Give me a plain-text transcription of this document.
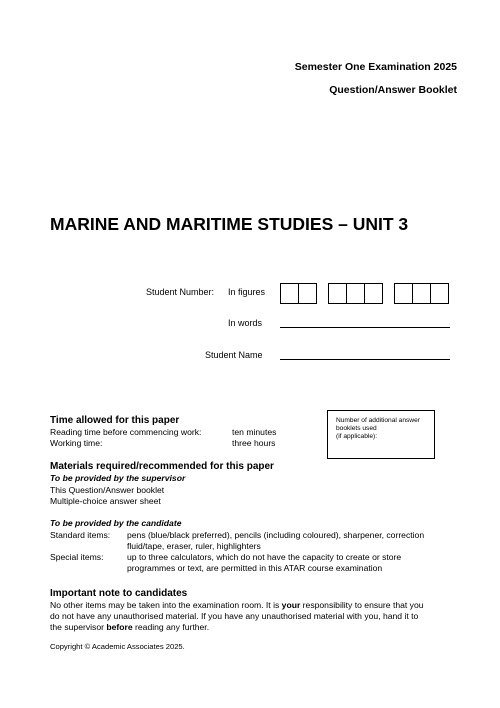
Semester One Examination 2025
Question/Answer Booklet
MARINE AND MARITIME STUDIES – UNIT 3
Student Number: In figures
In words
Student Name
Time allowed for this paper
Reading time before commencing work:	ten minutes
Working time:	three hours
Number of additional answer
booklets used
(if applicable):
Materials required/recommended for this paper
To be provided by the supervisor
This Question/Answer booklet
Multiple-choice answer sheet
To be provided by the candidate
Standard items: pens (blue/black preferred), pencils (including coloured), sharpener, correction
fluid/tape, eraser, ruler, highlighters
Special items:	up to three calculators, which do not have the capacity to create or store
programmes or text, are permitted in this ATAR course examination
Important note to candidates
No other items may be taken into the examination room. It is your responsibility to ensure that you
do not have any unauthorised material. If you have any unauthorised material with you, hand it to
the supervisor before reading any further.
Copyright © Academic Associates 2025.
